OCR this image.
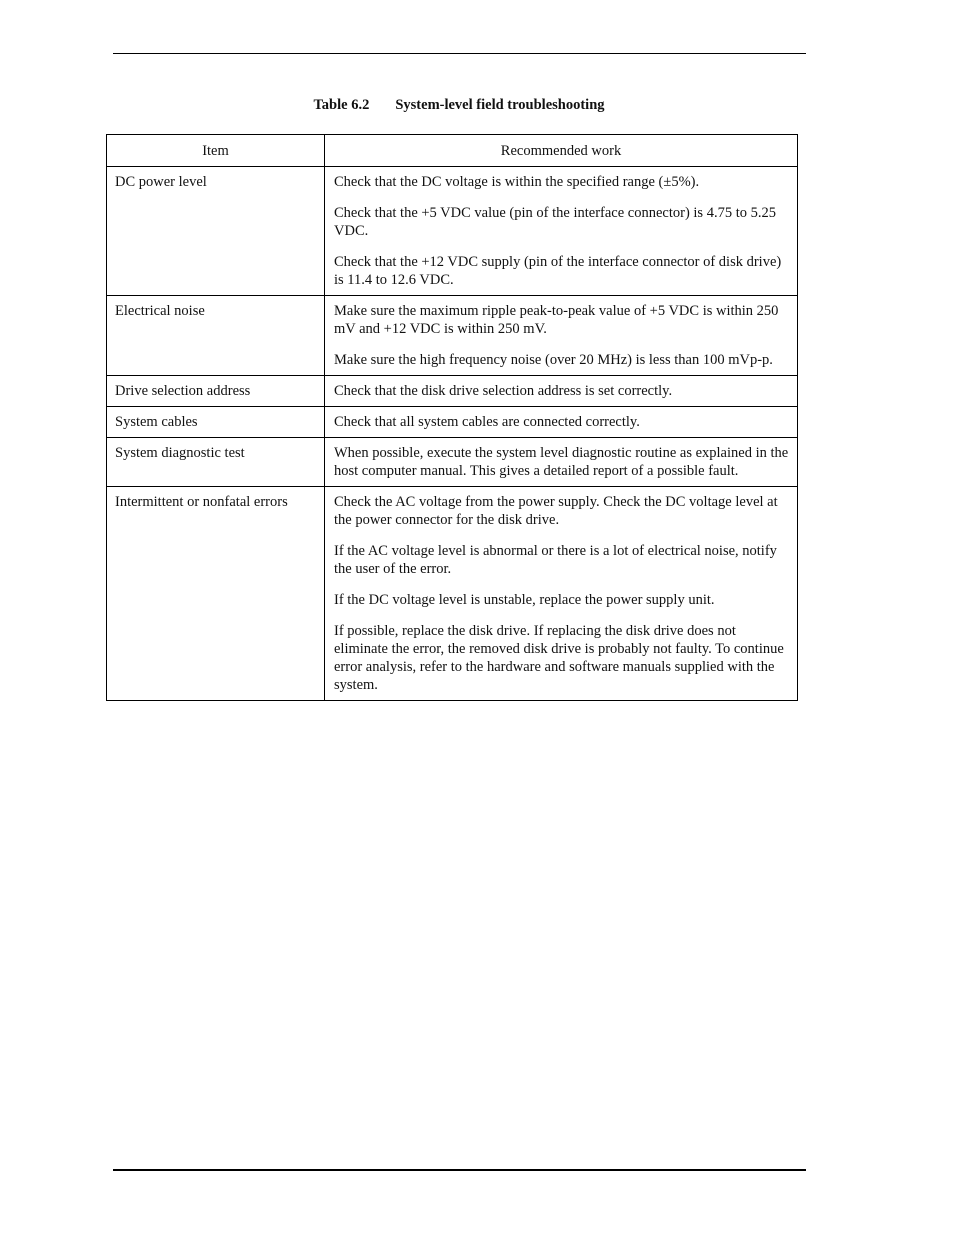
Table 6.2 System-level field troubleshooting
Item	Recommended work
DC power level	Check that the DC voltage is within the specified range (±5%).

Check that the +5 VDC value (pin of the interface connector) is 4.75 to 5.25 VDC.

Check that the +12 VDC supply (pin of the interface connector of disk drive) is 11.4 to 12.6 VDC.

Electrical noise	Make sure the maximum ripple peak-to-peak value of +5 VDC is within 250 mV and +12 VDC is within 250 mV.

Make sure the high frequency noise (over 20 MHz) is less than 100 mVp-p.

Drive selection address	Check that the disk drive selection address is set correctly.

System cables	Check that all system cables are connected correctly.

System diagnostic test	When possible, execute the system level diagnostic routine as explained in the host computer manual. This gives a detailed report of a possible fault.

Intermittent or nonfatal errors	Check the AC voltage from the power supply. Check the DC voltage level at the power connector for the disk drive.

If the AC voltage level is abnormal or there is a lot of electrical noise, notify the user of the error.

If the DC voltage level is unstable, replace the power supply unit.

If possible, replace the disk drive. If replacing the disk drive does not eliminate the error, the removed disk drive is probably not faulty. To continue error analysis, refer to the hardware and software manuals supplied with the system.
